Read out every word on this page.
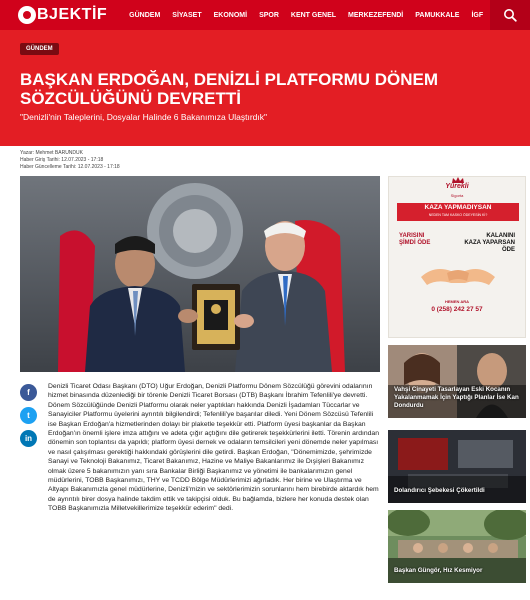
BJEKTİF	GÜNDEM SİYASET EKONOMİ SPOR KENT GENEL MERKEZEFENDİ PAMUKKALE İGF
GÜNDEM
BAŞKAN ERDOĞAN, DENİZLİ PLATFORMU DÖNEM SÖZCÜLÜĞÜNÜ DEVRETTİ

"Denizli'nin Taleplerini, Dosyalar Halinde 6 Bakanımıza Ulaştırdık"

Yazar: Mehmet BARUNDUK
Haber Giriş Tarihi: 12.07.2023 - 17:18
Haber Güncelleme Tarihi: 12.07.2023 - 17:18
f
t
in

Denizli Ticaret Odası Başkanı (DTO) Uğur Erdoğan, Denizli Platformu Dönem Sözcülüğü görevini odalarının hizmet binasında düzenlediği bir törenle Denizli Ticaret Borsası (DTB) Başkanı İbrahim Tefenlili'ye devretti. Dönem Sözcülüğünde Denizli Platformu olarak neler yaptıkları hakkında Denizli İşadamları Tüccarlar ve Sanayiciler Platformu üyelerini ayrıntılı bilgilendirdi; Tefenlili'ye başarılar diledi. Yeni Dönem Sözcüsü Tefenlili ise Başkan Erdoğan'a hizmetlerinden dolayı bir plaketle teşekkür etti. Platform üyesi başkanlar da Başkan Erdoğan'ın önemli işlere imza attığını ve adeta çığır açtığını dile getirerek teşekkürlerini iletti. Törenin ardından dönemin son toplantısı da yapıldı; platform üyesi dernek ve odaların temsilcileri yeni dönemde neler yapılması ve nasıl çalışılması gerektiği hakkındaki görüşlerini dile getirdi. Başkan Erdoğan, "Dönemimizde, şehrimizde Sanayi ve Teknoloji Bakanımız, Ticaret Bakanımız, Hazine ve Maliye Bakanlarımız ile Dışişleri Bakanımız olmak üzere 5 bakanımızın yanı sıra Bankalar Birliği Başkanımız ve yönetimi ile bankalarımızın genel müdürlerini, TOBB Başkanımızı, THY ve TCDD Bölge Müdürlerimizi ağırladık. Her birine ve Ulaştırma ve Altyapı Bakanımızla genel müdürlerine, Denizli'mizin ve sektörlerimizin sorunlarını hem birebirde aktardık hem de ayrıntılı birer dosya halinde takdim ettik ve takipçisi olduk. Bu bağlamda, bizlere her konuda destek olan TOBB Başkanımızla Milletvekillerimize teşekkür ederim" dedi.

Yürekli
Sigorta
KAZA YAPMADIYSAN
NEDEN TAM KASKO ÖDEYESİN Kİ?
YARISINI
ŞİMDİ ÖDE
KALANINI
KAZA YAPARSAN
ÖDE
HEMEN ARA
0 (258) 242 27 57
Vahşi Cinayeti Tasarlayan Eski Kocanın Yakalanmamak İçin Yaptığı Planlar İse Kan Dondurdu
Dolandırıcı Şebekesi Çökertildi
Başkan Güngör, Hız Kesmiyor
